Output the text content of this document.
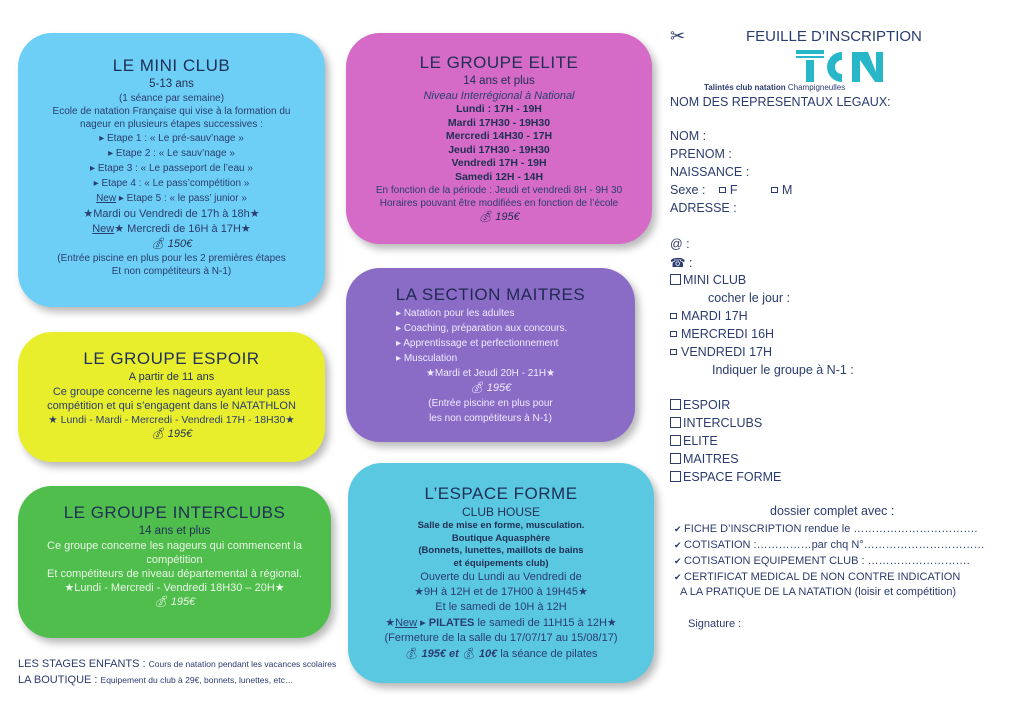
LE MINI CLUB
5-13 ans
(1 séance par semaine)
Ecole de natation Française qui vise à la formation du
nageur en plusieurs étapes successives :
▸ Etape 1 : « Le pré-sauv’nage »
▸ Etape 2 : « Le sauv’nage »
▸ Etape 3 : « Le passeport de l’eau »
▸ Etape 4 : « Le pass’compétition »
New ▸ Etape 5 : « le pass’ junior »
★Mardi ou Vendredi de 17h à 18h★
New★ Mercredi de 16H à 17H★
💰︎ 150€
(Entrée piscine en plus pour les 2 premières étapes
Et non compétiteurs à N-1)
LE GROUPE ELITE
14 ans et plus
Niveau Interrégional à National
Lundi : 17H - 19H
Mardi 17H30 - 19H30
Mercredi 14H30 - 17H
Jeudi 17H30 - 19H30
Vendredi 17H - 19H
Samedi 12H - 14H
En fonction de la période : Jeudi et vendredi 8H - 9H 30
Horaires pouvant être modifiées en fonction de l’école
💰︎ 195€
LE GROUPE ESPOIR
A partir de 11 ans
Ce groupe concerne les nageurs ayant leur pass
compétition et qui s’engagent dans le NATATHLON
★ Lundi - Mardi - Mercredi - Vendredi 17H - 18H30★
💰︎ 195€
LA SECTION MAITRES
▸ Natation pour les adultes
▸ Coaching, préparation aux concours.
▸ Apprentissage et perfectionnement
▸ Musculation
★Mardi et Jeudi 20H - 21H★
💰︎ 195€
(Entrée piscine en plus pour
les non compétiteurs à N-1)
LE GROUPE INTERCLUBS
14 ans et plus
Ce groupe concerne les nageurs qui commencent la
compétition
Et compétiteurs de niveau départemental à régional.
★Lundi - Mercredi - Vendredi 18H30 – 20H★
💰︎ 195€
L’ESPACE FORME
CLUB HOUSE
Salle de mise en forme, musculation.
Boutique Aquasphère
(Bonnets, lunettes, maillots de bains
et équipements club)
Ouverte du Lundi au Vendredi de
★9H à 12H et de 17H00 à 19H45★
Et le samedi de 10H à 12H
★New ▸ PILATES le samedi de 11H15 à 12H★
(Fermeture de la salle du 17/07/17 au 15/08/17)
💰︎ 195€ et 💰︎ 10€ la séance de pilates
LES STAGES ENFANTS : Cours de natation pendant les vacances scolaires
LA BOUTIQUE : Equipement du club à 29€, bonnets, lunettes, etc…
✂	FEUILLE D’INSCRIPTION
Talintés club natation Champigneulles
NOM DES REPRESENTAUX LEGAUX:
NOM :
PRENOM :
NAISSANCE :
Sexe : F	M
ADRESSE :
@ :
☎ :
MINI CLUB
cocher le jour :
MARDI 17H
MERCREDI 16H
VENDREDI 17H
Indiquer le groupe à N-1 :
ESPOIR
INTERCLUBS
ELITE
MAITRES
ESPACE FORME
dossier complet avec :
✔ FICHE D’INSCRIPTION rendue le …………………………….
✔ COTISATION :……………par chq N°……………………………
✔ COTISATION EQUIPEMENT CLUB : ……………………….
✔ CERTIFICAT MEDICAL DE NON CONTRE INDICATION
A LA PRATIQUE DE LA NATATION (loisir et compétition)
Signature :
